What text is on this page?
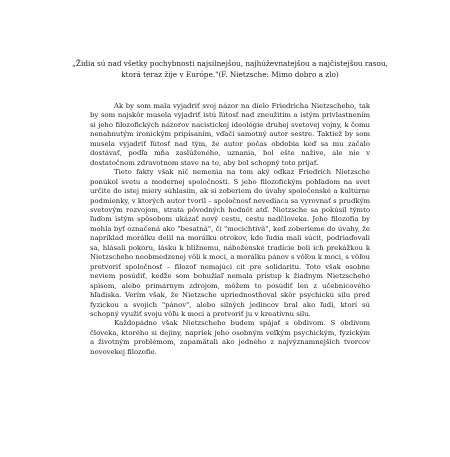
„Židia sú nad všetky pochybnosti najsilnejšou, najhúževnatejšou a najčistejšou rasou, ktorá teraz žije v Európe."(F. Nietzsche: Mimo dobro a zlo)

Ak by som mala vyjadriť svoj názor na dielo Friedricha Nietzscheho, tak by som najskôr musela vyjadriť istú ľútosť nad zneužitím a istým privlastnením si jeho filozofických názorov nacistickej ideológie druhej svetovej vojny, k čomu nenahnutým ironickým pripísaním, vďačí samotný autor sestre. Taktiež by som musela vyjadriť ľútosť nad tým, že autor počas obdobia keď sa mu začalo dostávať, podľa mňa zaslúženého, uznania, bol ešte nažive, ale nie v dostatočnom zdravotnom stave na to, aby bol schopný toto prijať.

Tieto fakty však nič nemenia na tom aký odkaz Friedrich Nietzsche ponúkol svetu a modernej spoločnosti. S jeho filozofickým pohľadom na svet určite do istej miery súhlasím, ak si zoberiem do úvahy spoločenské a kultúrne podmienky, v ktorých autor tvoril – spoločnosť nevediaca sa vyrovnať s prudkým svetovým rozvojom, strata pôvodných hodnôt atď. Nietzsche sa pokúsil týmto ľuďom istým spôsobom ukázať nový cestu, cestu nadčloveka. Jeho filozofia by mohla byť označená ako "besatná", či "mocichtivá", keď zoberieme do úvahy, že napríklad morálku delil na morálku otrokov, kde ľudia mali súcit, podriaďovali sa, hlásali pokoru, lásku k blížnemu, náboženské tradície boli ich prekážkou k Nietzscheho neobmedzenej vôli k moci, a morálku pánov s vôľou k moci, s vôľou pretvoriť spoločnosť – filozof nemajúci cit pre solidaritu. Toto však osobne neviem posúdiť, keďže som bohužiaľ nemala prístup k žiadnym Nietzscheho spisom, alebo primárnym zdrojom, môžem to posúdiť len z učebnicového hľadiska. Verím však, že Nietzsche upriednostňoval skôr psychickú silu pred fyzickou a svojich "pánov", alebo silných jedincov bral ako ľudí, ktorí sú schopný využiť svoju vôľu k moci a pretvoriť ju v kreatívnu silu.

Každopádne však Nietzscheho budem spájať s obdivom. S obdivom človeka, ktorého si dejiny, napriek jeho osobným veľkým psychickým, fyzickým a životným problémom, zapamätali ako jedného z najvýznamnejších tvorcov novovekej filozofie.
